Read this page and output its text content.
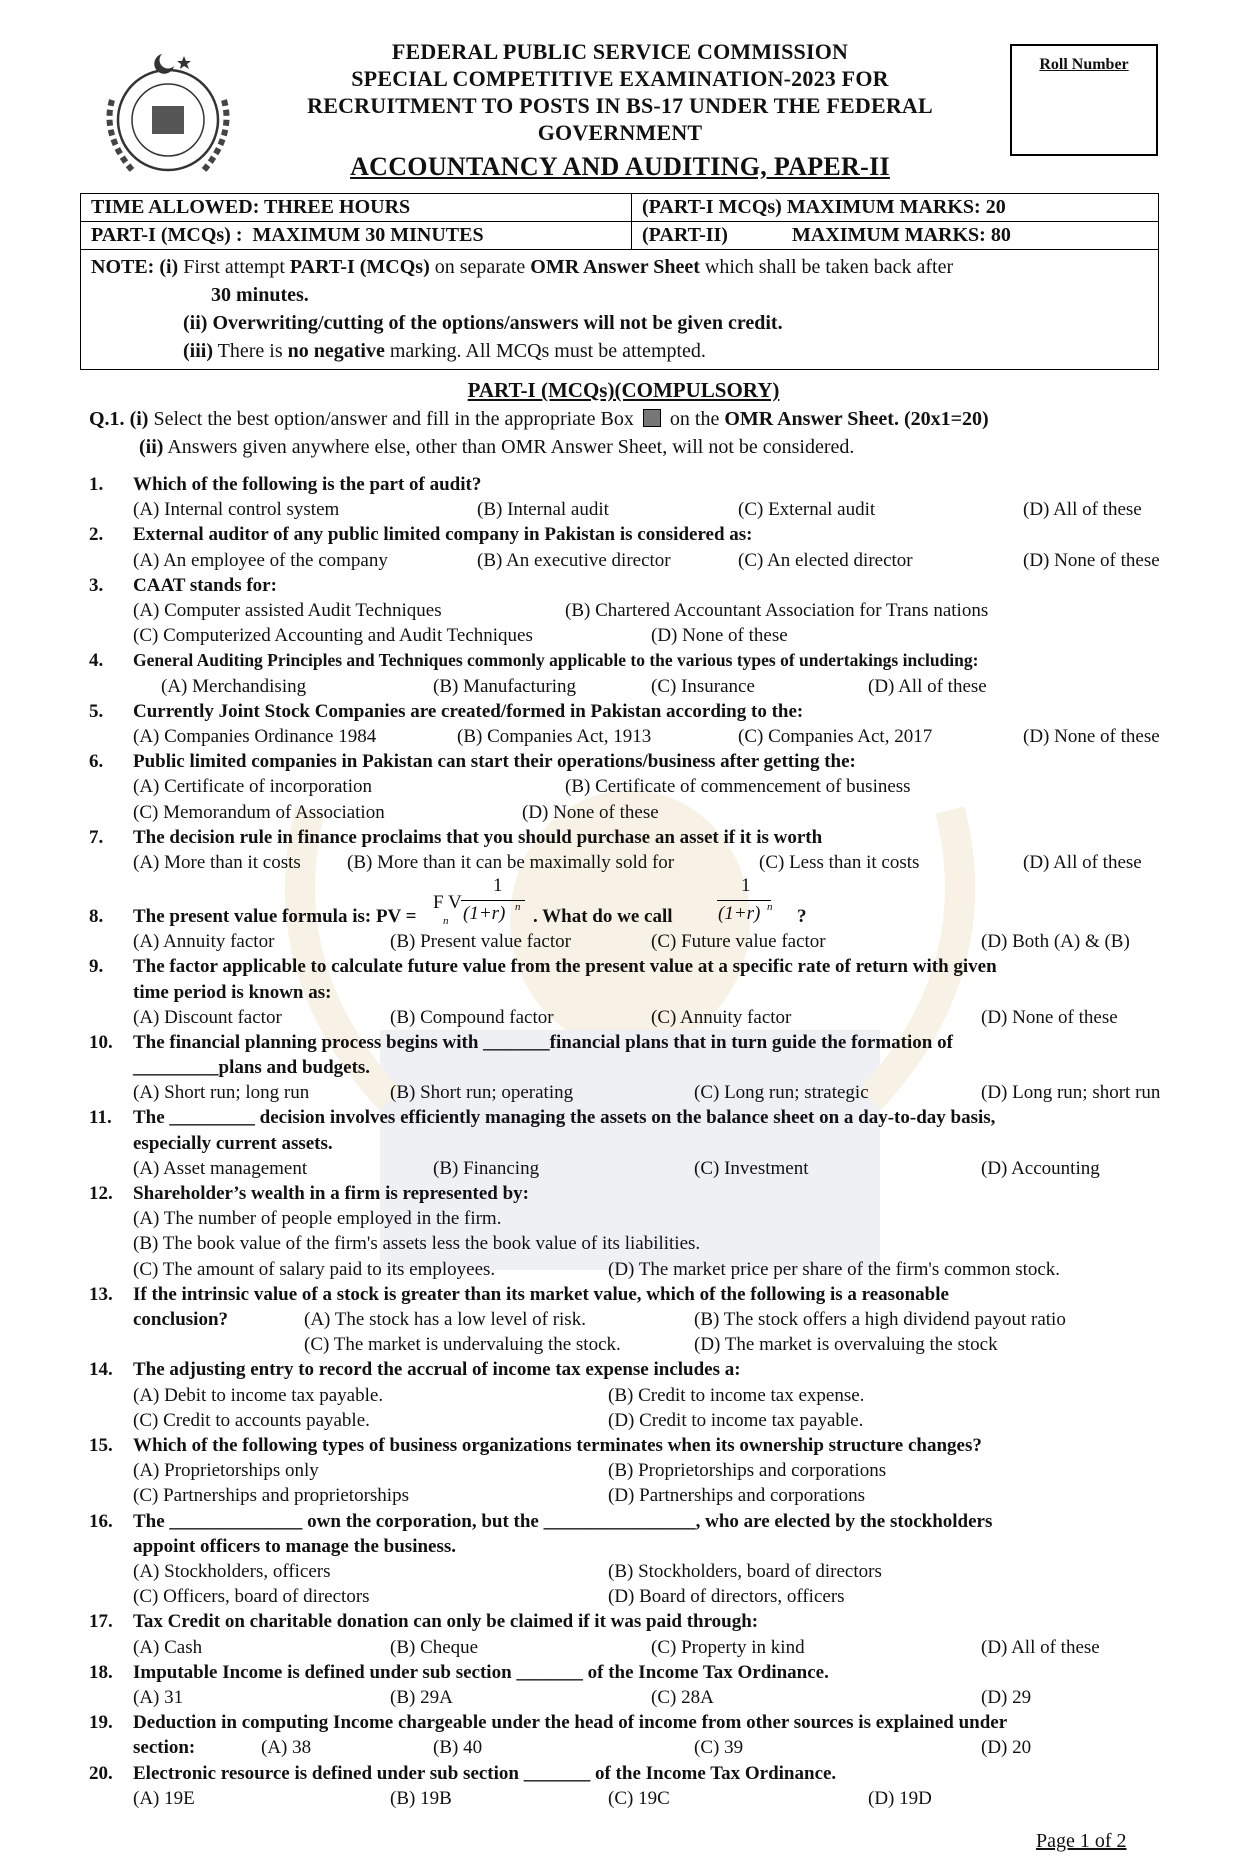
FEDERAL PUBLIC SERVICE COMMISSION
SPECIAL COMPETITIVE EXAMINATION-2023 FOR
RECRUITMENT TO POSTS IN BS-17 UNDER THE FEDERAL
GOVERNMENT
ACCOUNTANCY AND AUDITING, PAPER-II
Roll Number
TIME ALLOWED: THREE HOURS	(PART-I MCQs) MAXIMUM MARKS: 20
PART-I (MCQs) : MAXIMUM 30 MINUTES	(PART-II)	MAXIMUM MARKS: 80
NOTE: (i) First attempt PART-I (MCQs) on separate OMR Answer Sheet which shall be taken back after
30 minutes.
(ii) Overwriting/cutting of the options/answers will not be given credit.
(iii) There is no negative marking. All MCQs must be attempted.
PART-I (MCQs)(COMPULSORY)
Q.1. (i) Select the best option/answer and fill in the appropriate Box on the OMR Answer Sheet. (20x1=20)
(ii) Answers given anywhere else, other than OMR Answer Sheet, will not be considered.
1. Which of the following is the part of audit?
(A) Internal control system	(B) Internal audit	(C) External audit	(D) All of these
2. External auditor of any public limited company in Pakistan is considered as:
(A) An employee of the company	(B) An executive director	(C) An elected director	(D) None of these
3. CAAT stands for:
(A) Computer assisted Audit Techniques	(B) Chartered Accountant Association for Trans nations
(C) Computerized Accounting and Audit Techniques	(D) None of these
4. General Auditing Principles and Techniques commonly applicable to the various types of undertakings including:
(A) Merchandising	(B) Manufacturing	(C) Insurance	(D) All of these
5. Currently Joint Stock Companies are created/formed in Pakistan according to the:
(A) Companies Ordinance 1984	(B) Companies Act, 1913	(C) Companies Act, 2017	(D) None of these
6. Public limited companies in Pakistan can start their operations/business after getting the:
(A) Certificate of incorporation	(B) Certificate of commencement of business
(C) Memorandum of Association	(D) None of these
7. The decision rule in finance proclaims that you should purchase an asset if it is worth
(A) More than it costs (B) More than it can be maximally sold for	(C) Less than it costs	(D) All of these
8. The present value formula is: PV =
F V
n
1
(1+r) n . What do we call
1
(1+r) n ?
(A) Annuity factor	(B) Present value factor	(C) Future value factor	(D) Both (A) & (B)
9. The factor applicable to calculate future value from the present value at a specific rate of return with given
time period is known as:
(A) Discount factor	(B) Compound factor	(C) Annuity factor	(D) None of these
10. The financial planning process begins with _______financial plans that in turn guide the formation of
_________plans and budgets.
(A) Short run; long run	(B) Short run; operating	(C) Long run; strategic	(D) Long run; short run
11. The _________ decision involves efficiently managing the assets on the balance sheet on a day-to-day basis,
especially current assets.
(A) Asset management	(B) Financing	(C) Investment	(D) Accounting
12. Shareholder’s wealth in a firm is represented by:
(A) The number of people employed in the firm.
(B) The book value of the firm's assets less the book value of its liabilities.
(C) The amount of salary paid to its employees.	(D) The market price per share of the firm's common stock.
13. If the intrinsic value of a stock is greater than its market value, which of the following is a reasonable
conclusion?	(A) The stock has a low level of risk.	(B) The stock offers a high dividend payout ratio
(C) The market is undervaluing the stock.	(D) The market is overvaluing the stock
14. The adjusting entry to record the accrual of income tax expense includes a:
(A) Debit to income tax payable.	(B) Credit to income tax expense.
(C) Credit to accounts payable.	(D) Credit to income tax payable.
15. Which of the following types of business organizations terminates when its ownership structure changes?
(A) Proprietorships only	(B) Proprietorships and corporations
(C) Partnerships and proprietorships	(D) Partnerships and corporations
16. The ______________ own the corporation, but the ________________, who are elected by the stockholders
appoint officers to manage the business.
(A) Stockholders, officers	(B) Stockholders, board of directors
(C) Officers, board of directors	(D) Board of directors, officers
17. Tax Credit on charitable donation can only be claimed if it was paid through:
(A) Cash	(B) Cheque	(C) Property in kind	(D) All of these
18. Imputable Income is defined under sub section _______ of the Income Tax Ordinance.
(A) 31	(B) 29A	(C) 28A	(D) 29
19. Deduction in computing Income chargeable under the head of income from other sources is explained under
section:	(A) 38	(B) 40	(C) 39	(D) 20
20. Electronic resource is defined under sub section _______ of the Income Tax Ordinance.
(A) 19E	(B) 19B	(C) 19C	(D) 19D
Page 1 of 2
